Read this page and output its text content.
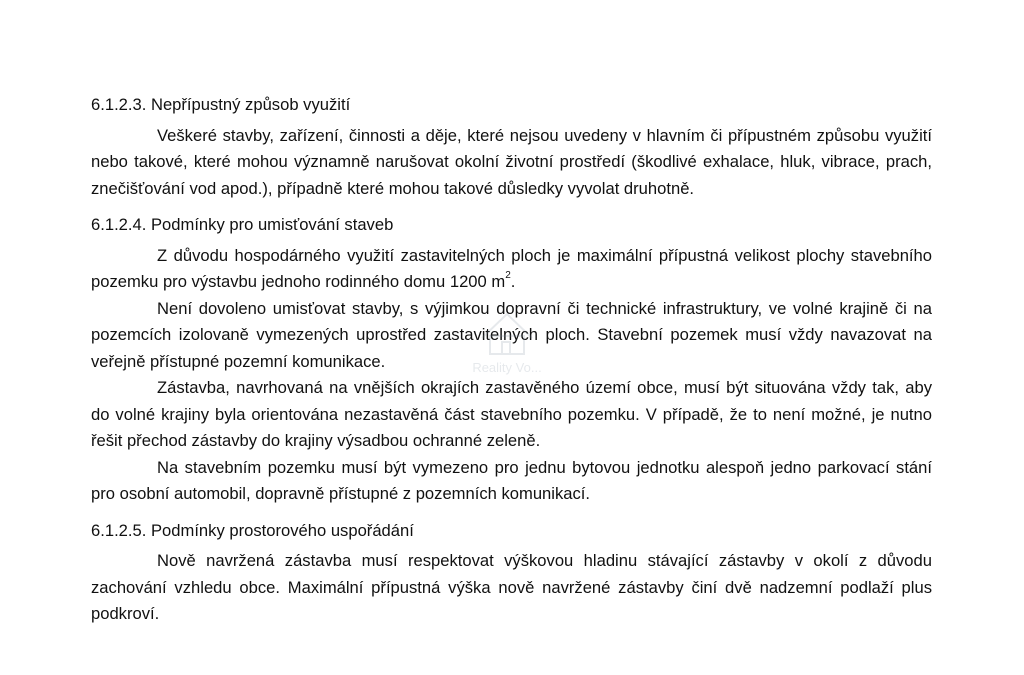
6.1.2.3. Nepřípustný způsob využití

Veškeré stavby, zařízení, činnosti a děje, které nejsou uvedeny v hlavním či přípustném způsobu využití nebo takové, které mohou významně narušovat okolní životní prostředí (škodlivé exhalace, hluk, vibrace, prach, znečišťování vod apod.), případně které mohou takové důsledky vyvolat druhotně.

6.1.2.4. Podmínky pro umisťování staveb

Z důvodu hospodárného využití zastavitelných ploch je maximální přípustná velikost plochy stavebního pozemku pro výstavbu jednoho rodinného domu 1200 $m^2$.

Není dovoleno umisťovat stavby, s výjimkou dopravní či technické infrastruktury, ve volné krajině či na pozemcích izolovaně vymezených uprostřed zastavitelných ploch. Stavební pozemek musí vždy navazovat na veřejně přístupné pozemní komunikace.

Zástavba, navrhovaná na vnějších okrajích zastavěného území obce, musí být situována vždy tak, aby do volné krajiny byla orientována nezastavěná část stavebního pozemku. V případě, že to není možné, je nutno řešit přechod zástavby do krajiny výsadbou ochranné zeleně.

Na stavebním pozemku musí být vymezeno pro jednu bytovou jednotku alespoň jedno parkovací stání pro osobní automobil, dopravně přístupné z pozemních komunikací.

6.1.2.5. Podmínky prostorového uspořádání

Nově navržená zástavba musí respektovat výškovou hladinu stávající zástavby v okolí z důvodu zachování vzhledu obce. Maximální přípustná výška nově navržené zástavby činí dvě nadzemní podlaží plus podkroví.

Reality Vo...
